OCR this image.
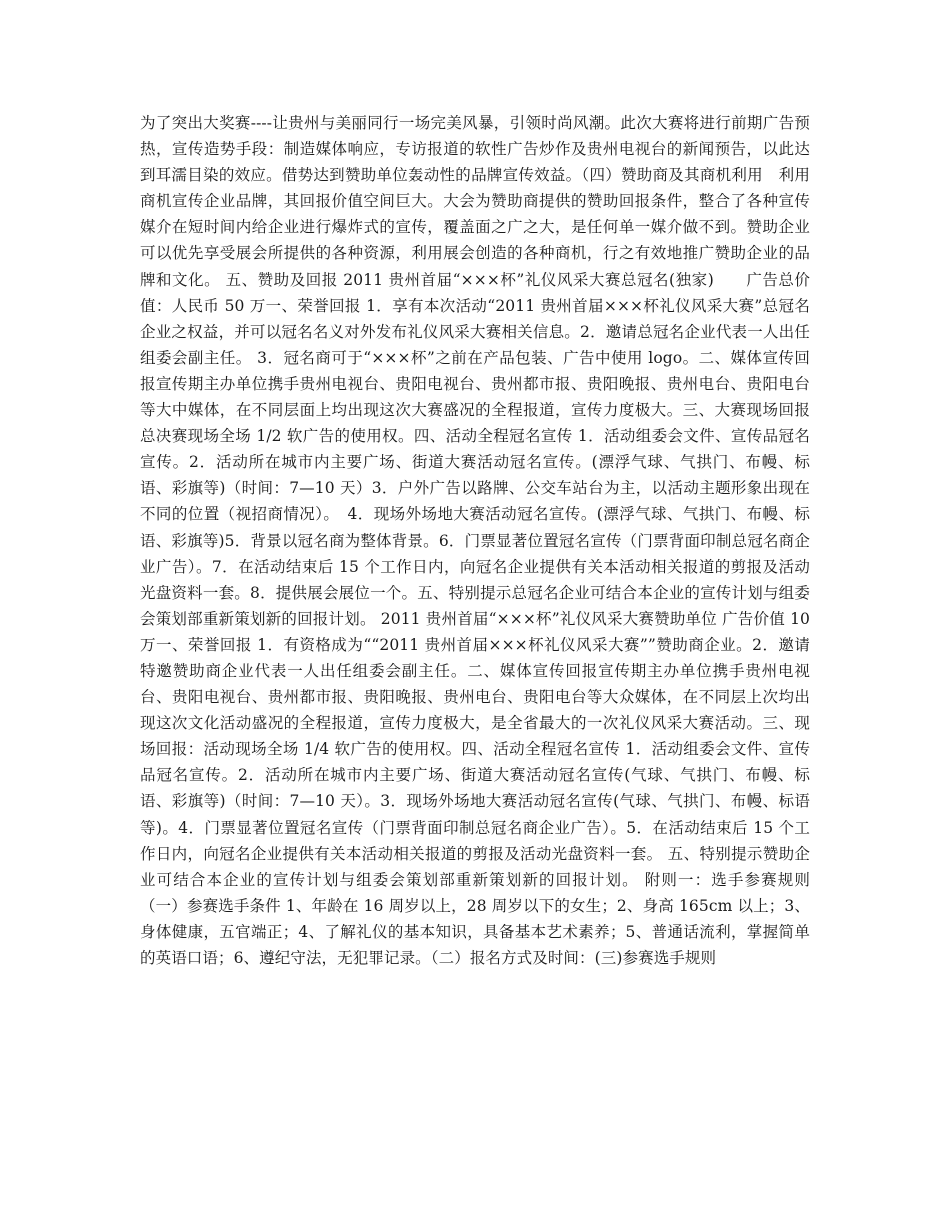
为了突出大奖赛----让贵州与美丽同行一场完美风暴，引领时尚风潮。此次大赛将进行前期广告预热，宣传造势手段：制造媒体响应，专访报道的软性广告炒作及贵州电视台的新闻预告，以此达到耳濡目染的效应。借势达到赞助单位轰动性的品牌宣传效益。（四）赞助商及其商机利用　利用商机宣传企业品牌，其回报价值空间巨大。大会为赞助商提供的赞助回报条件，整合了各种宣传媒介在短时间内给企业进行爆炸式的宣传，覆盖面之广之大，是任何单一媒介做不到。赞助企业可以优先享受展会所提供的各种资源，利用展会创造的各种商机，行之有效地推广赞助企业的品牌和文化。 五、赞助及回报 2011 贵州首届“×××杯”礼仪风采大赛总冠名(独家)　　广告总价值：人民币 50 万一、荣誉回报 1．享有本次活动“2011 贵州首届×××杯礼仪风采大赛”总冠名企业之权益，并可以冠名名义对外发布礼仪风采大赛相关信息。2．邀请总冠名企业代表一人出任组委会副主任。 3．冠名商可于“×××杯”之前在产品包装、广告中使用 logo。二、媒体宣传回报宣传期主办单位携手贵州电视台、贵阳电视台、贵州都市报、贵阳晚报、贵州电台、贵阳电台等大中媒体，在不同层面上均出现这次大赛盛况的全程报道，宣传力度极大。三、大赛现场回报总决赛现场全场 1/2 软广告的使用权。四、活动全程冠名宣传 1．活动组委会文件、宣传品冠名宣传。2．活动所在城市内主要广场、街道大赛活动冠名宣传。(漂浮气球、气拱门、布幔、标语、彩旗等)（时间：7—10 天）3．户外广告以路牌、公交车站台为主，以活动主题形象出现在不同的位置（视招商情况）。　4．现场外场地大赛活动冠名宣传。(漂浮气球、气拱门、布幔、标语、彩旗等)5．背景以冠名商为整体背景。6．门票显著位置冠名宣传（门票背面印制总冠名商企业广告）。7．在活动结束后 15 个工作日内，向冠名企业提供有关本活动相关报道的剪报及活动光盘资料一套。8．提供展会展位一个。五、特别提示总冠名企业可结合本企业的宣传计划与组委会策划部重新策划新的回报计划。 2011 贵州首届“×××杯”礼仪风采大赛赞助单位 广告价值 10 万一、荣誉回报 1．有资格成为““2011 贵州首届×××杯礼仪风采大赛””赞助商企业。2．邀请特邀赞助商企业代表一人出任组委会副主任。二、媒体宣传回报宣传期主办单位携手贵州电视台、贵阳电视台、贵州都市报、贵阳晚报、贵州电台、贵阳电台等大众媒体，在不同层上次均出现这次文化活动盛况的全程报道，宣传力度极大，是全省最大的一次礼仪风采大赛活动。三、现场回报：活动现场全场 1/4 软广告的使用权。四、活动全程冠名宣传 1．活动组委会文件、宣传品冠名宣传。2．活动所在城市内主要广场、街道大赛活动冠名宣传(气球、气拱门、布幔、标语、彩旗等)（时间：7—10 天）。3．现场外场地大赛活动冠名宣传(气球、气拱门、布幔、标语等)。4．门票显著位置冠名宣传（门票背面印制总冠名商企业广告）。5．在活动结束后 15 个工作日内，向冠名企业提供有关本活动相关报道的剪报及活动光盘资料一套。 五、特别提示赞助企业可结合本企业的宣传计划与组委会策划部重新策划新的回报计划。 附则一：选手参赛规则 （一）参赛选手条件 1、年龄在 16 周岁以上，28 周岁以下的女生；2、身高 165cm 以上；3、身体健康，五官端正；4、了解礼仪的基本知识，具备基本艺术素养；5、普通话流利，掌握简单的英语口语；6、遵纪守法，无犯罪记录。（二）报名方式及时间：(三)参赛选手规则
